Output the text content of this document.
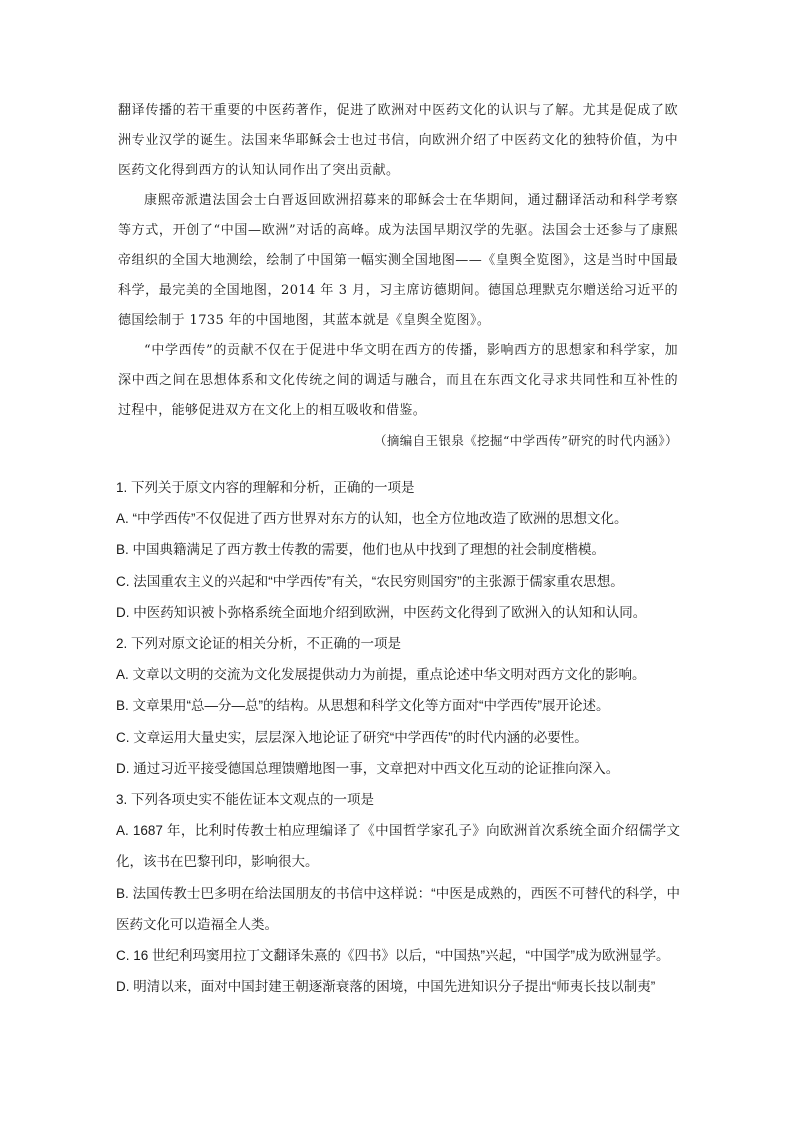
翻译传播的若干重要的中医药著作，促进了欧洲对中医药文化的认识与了解。尤其是促成了欧洲专业汉学的诞生。法国来华耶稣会士也过书信，向欧洲介绍了中医药文化的独特价值，为中医药文化得到西方的认知认同作出了突出贡献。

康熙帝派遣法国会士白晋返回欧洲招募来的耶稣会士在华期间，通过翻译活动和科学考察等方式，开创了“中国—欧洲”对话的高峰。成为法国早期汉学的先驱。法国会士还参与了康熙帝组织的全国大地测绘，绘制了中国第一幅实测全国地图——《皇舆全览图》，这是当时中国最科学，最完美的全国地图，2014 年 3 月，习主席访德期间。德国总理默克尔赠送给习近平的德国绘制于 1735 年的中国地图，其蓝本就是《皇舆全览图》。

“中学西传”的贡献不仅在于促进中华文明在西方的传播，影响西方的思想家和科学家，加深中西之间在思想体系和文化传统之间的调适与融合，而且在东西文化寻求共同性和互补性的过程中，能够促进双方在文化上的相互吸收和借鉴。

（摘编自王银泉《挖掘“中学西传”研究的时代内涵》）

1. 下列关于原文内容的理解和分析，正确的一项是

A. “中学西传”不仅促进了西方世界对东方的认知，也全方位地改造了欧洲的思想文化。

B. 中国典籍满足了西方教士传教的需要，他们也从中找到了理想的社会制度楷模。

C. 法国重农主义的兴起和“中学西传”有关，“农民穷则国穷”的主张源于儒家重农思想。

D. 中医药知识被卜弥格系统全面地介绍到欧洲，中医药文化得到了欧洲入的认知和认同。

2. 下列对原文论证的相关分析，不正确的一项是

A. 文章以文明的交流为文化发展提供动力为前提，重点论述中华文明对西方文化的影响。

B. 文章果用“总—分—总”的结构。从思想和科学文化等方面对“中学西传”展开论述。

C. 文章运用大量史实，层层深入地论证了研究“中学西传”的时代内涵的必要性。

D. 通过习近平接受德国总理馈赠地图一事，文章把对中西文化互动的论证推向深入。

3. 下列各项史实不能佐证本文观点的一项是

A. 1687 年，比利时传教士柏应理编译了《中国哲学家孔子》向欧洲首次系统全面介绍儒学文化，该书在巴黎刊印，影响很大。

B. 法国传教士巴多明在给法国朋友的书信中这样说：“中医是成熟的，西医不可替代的科学，中医药文化可以造福全人类。

C. 16 世纪利玛窦用拉丁文翻译朱熹的《四书》以后，“中国热”兴起，“中国学”成为欧洲显学。

D. 明清以来，面对中国封建王朝逐渐衰落的困境，中国先进知识分子提出“师夷长技以制夷”
